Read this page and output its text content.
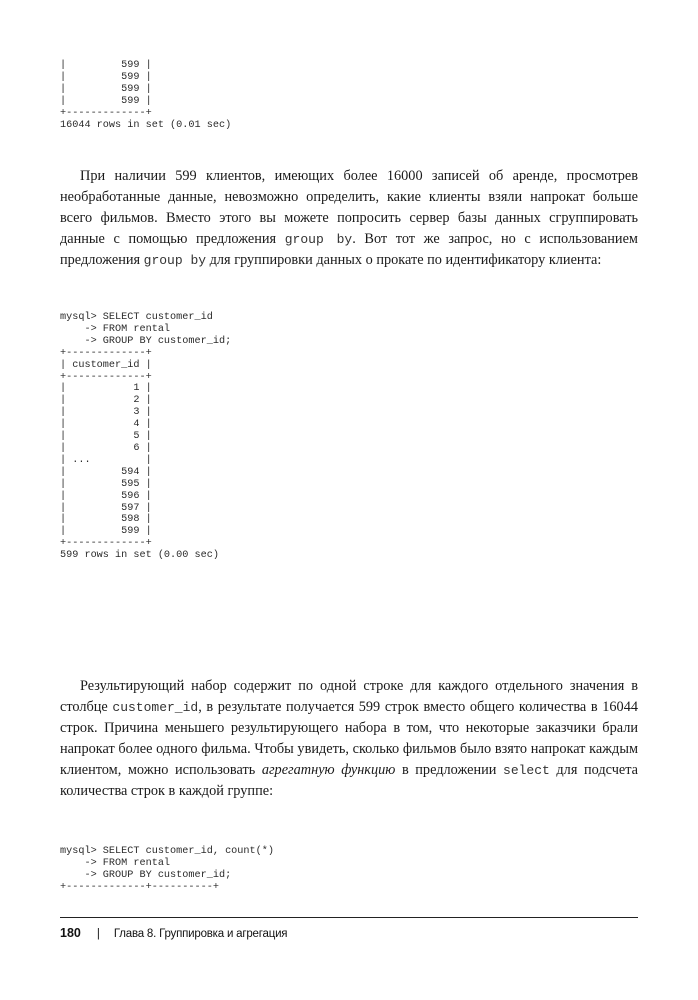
|         599 |
|         599 |
|         599 |
|         599 |
+-------------+
16044 rows in set (0.01 sec)

При наличии 599 клиентов, имеющих более 16000 записей об аренде, просмотрев необработанные данные, невозможно определить, какие клиенты взяли напрокат больше всего фильмов. Вместо этого вы можете попросить сервер базы данных сгруппировать данные с помощью предложения group by. Вот тот же запрос, но с использованием предложения group by для группировки данных о прокате по идентификатору клиента:

mysql> SELECT customer_id
-> FROM rental
-> GROUP BY customer_id;
+-------------+
| customer_id |
+-------------+
|           1 |
|           2 |
|           3 |
|           4 |
|           5 |
|           6 |
| ...         |
|         594 |
|         595 |
|         596 |
|         597 |
|         598 |
|         599 |
+-------------+
599 rows in set (0.00 sec)

Результирующий набор содержит по одной строке для каждого отдельного значения в столбце customer_id, в результате получается 599 строк вместо общего количества в 16044 строк. Причина меньшего результирующего набора в том, что некоторые заказчики брали напрокат более одного фильма. Чтобы увидеть, сколько фильмов было взято напрокат каждым клиентом, можно использовать агрегатную функцию в предложении select для подсчета количества строк в каждой группе:

mysql> SELECT customer_id, count(*)
-> FROM rental
-> GROUP BY customer_id;
+-------------+----------+
180 | Глава 8. Группировка и агрегация
